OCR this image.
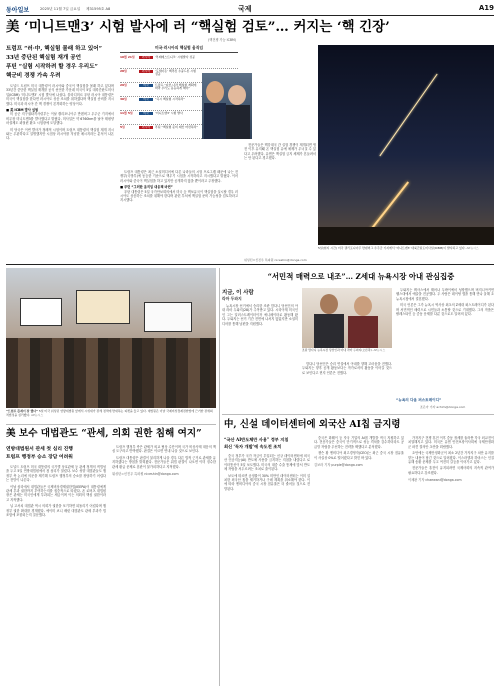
동아일보	2025년 11월 7일 금요일 제31595호 A8	국제	A19
美 ‘미니트맨3’ 시험 발사에 러 “핵실험 검토”… 커지는 ‘핵 긴장’
(핵전쟁 가능 ICBM)
트럼프 “러·中, 핵실험 몰래 하고 있어”
33년 중단된 핵실험 재개 공언
푸틴 “실험 시작하려 할 경우 우리도”
핵군비 경쟁 가속 우려

도널드 트럼프 미국 대통령이 러시아와 중국이 핵실험을 몰래 하고 있다며 33년간 중단한 핵실험 재개를 공식 선언한 가운데 미국이 5일 대륙간탄도미사일(ICBM) ‘미니트맨3’ 시험 발사에 나섰다. 블라디미르 푸틴 러시아 대통령은 미국이 핵실험을 한다면 러시아도 상응 조치를 취하겠다며 핵실험 준비를 지시했다. 미국과 러시아 간 핵 경쟁이 본격화하는 양상이다.

■ 美 ICBM 발사 실험

미 공군 지구권타격사령부는 이날 캘리포니아주 반덴버그 우주군 기지에서 비무장 미니트맨3를 발사했다고 밝혔다. 미사일은 약 6760km를 날아 태평양 마셜제도 콰절린 환초 시험장에 도달했다.

미 당국은 이번 발사가 정례적 시험이며 트럼프 대통령의 핵실험 재개 지시와는 무관하다고 설명했지만 시점상 러시아를 겨냥한 메시지라는 분석이 나온다.

미국·러시아의 핵실험 움직임
10월 21일	러시아	‘부레베스트니크’ 시험발사 성공
28일	러시아	‘포세이돈’ 핵추진 수중드론 시험 성공
29일	미국	트럼프 “다른 나라 핵실험 계획에 따라 우리도 동등하게 해야”
30일	미국	“즉시 핵실험 시작하라”
11월 5일	미국	‘미니트맨3’ 시험 발사
5일	러시아	푸틴 “핵실험 준비 제안 마련하라”

트럼프 대통령은 최근 소셜미디어에 다른 나라들의 시험 프로그램 때문에 나는 전쟁부(국방부)에 동등한 기준으로 핵무기 시험을 시작하라고 지시했다고 밝혔다. 이어 러시아와 중국이 핵실험을 하고 있지만 공개하지 않을 뿐이라고 주장했다.

■ 푸틴 “그러한 움직임 대응책 마련”

푸틴 대통령은 5일 국가안보회의에서 미국 등 핵보유국이 핵실험을 실시할 경우 러시아도 상응하는 조치를 취해야 한다며 관련 부처에 핵실험 준비 가능성을 검토하라고 지시했다.

전문가들은 핵강대국 간 실험 경쟁이 재개되면 냉전 이후 유지돼 온 핵실험 유예 체제가 무너질 수 있다고 우려했다. 유엔은 핵실험 금지 체제가 흔들려서는 안 된다고 경고했다.

5일(현지 시간) 미국 캘리포니아주 반덴버그 우주군 기지에서 ‘미니트맨3’ 대륙간탄도미사일(ICBM)이 발사되고 있다. AP뉴시스
워싱턴=신진우 특파원 niceshin@donga.com
“트럼프 플레이 잘 했다” 5일 미국 워싱턴 연방대법원 앞에서 시위대가 관세 정책에 반대하는 피켓을 들고 있다. 대법원은 이날 국제비상경제권한법에 근거한 관세의 적법성을 심리했다. AP뉴시스
“서민적 매력으로 내조”… Z세대 뉴욕시장 아내 관심집중
지금, 이 사람
라마 두와지

뉴욕시장 선거에서 승리한 조란 맘다니 당선인의 아내 라마 두와지(28)가 주목받고 있다. 시리아계 미국인인 그는 일러스트레이터이자 애니메이터로 활동해 왔다. 두와지는 선거 기간 전면에 나서지 않았지만 소셜미디어를 통해 남편을 지원했다.

조란 맘다니 뉴욕시장 당선인과 아내 라마 두와지(오른쪽). AP뉴시스

두와지는 텍사스에서 태어나 두바이에서 성장했으며 버지니아커먼웰스대에서 예술을 전공했다. 두 사람은 데이팅 앱을 통해 만나 올해 초 뉴욕시청에서 결혼했다.

미국 언론은 그가 뉴욕시 역사상 최초의 Z세대 퍼스트레이디가 된다며 서민적인 매력으로 시민들과 소통할 것으로 기대했다. 그의 작품은 팔레스타인 등 중동 문제를 다룬 것으로도 알려져 있다.

맘다니 당선인은 승리 연설에서 아내를 향해 고마움을 전했다. 두와지는 향후 공개 활동보다는 작가로서의 활동을 이어갈 것으로 보인다고 현지 언론은 전했다.

“뉴욕의 다음 퍼스트레이디”
조은아 기자 achim@donga.com
美 보수 대법관도 “관세, 의회 권한 침해 여지”
연방대법원서 관세 첫 심리 진행
트럼프 행정부 승소 장담 어려워

도널드 트럼프 미국 대통령의 국가별 상호관세 등 관세 정책의 적법성을 두고 5일 연방대법원에서 첫 심리가 열렸다. 보수 성향 대법관들도 행정부 측 논리에 의문을 제기해 트럼프 행정부의 승소를 장담하기 어렵다는 전망이 나온다.

이날 심리에서 대법관들은 국제비상경제권한법(IEEPA)이 대통령에게 관세 부과 권한까지 부여하는지를 집중적으로 따졌다. 존 로버츠 대법원장은 관세는 미국인에게 부과되는 세금이며 이는 의회의 핵심 권한이라고 지적했다.

닐 고서치 대법관 역시 의회가 권한을 포기하면 되돌리기 어렵다며 행정부 권한 확대를 경계했다. 에이미 코니 배럿 대법관도 관세 부과가 법 조항에 포함되는지 질문했다.

트럼프 행정부 측은 관세가 외교 협상 수단이며 국가 비상사태 대응의 핵심 도구라고 반박했다. 판결은 이르면 연내 나올 것으로 보인다.

트럼프 대통령은 판결이 불리하게 나올 경우 다른 법적 근거로 관세를 유지하겠다는 방침을 밝혀왔다. 전문가들은 위법 판결이 나오면 이미 징수한 관세 환급 문제로 혼란이 불가피하다고 지적했다.

워싱턴=신진우 특파원 niceshin@donga.com
中, 신설 데이터센터에 외국산 AI칩 금지령
“국산 AI반도체만 사용” 정부 지침
최신 ‘독자 개발’에 속도전 조치

중국 정부가 국가 자금이 투입되는 신규 데이터센터에 외국산 인공지능(AI) 반도체 사용을 금지하는 지침을 내렸다고 로이터통신이 5일 보도했다. 미국의 대중 수출 통제에 맞서 반도체 자립을 서두르려는 조치로 풀이된다.

보도에 따르면 공정률이 30% 미만인 데이터센터는 이미 설치한 외국산 칩을 제거하거나 구매 계획을 취소해야 한다. 이에 따라 엔비디아의 중국 시장 점유율은 더 줄어들 것으로 전망된다.

중국은 화웨이 등 자국 기업의 AI칩 개발을 적극 지원하고 있다. 전문가들은 중국이 단기적으로 성능 격차를 감수하더라도 공급망 자립을 우선하는 전략을 택했다고 분석했다.

젠슨 황 엔비디아 최고경영자(CEO)는 최근 중국 시장 점유율이 사실상 0%로 떨어졌다고 밝힌 바 있다.

김보라 기자 purple@donga.com

가자지구 전쟁 휴전 이후 중동 정세를 둘러싼 각국 외교전이 치열해지고 있다. 미국은 유엔 안전보장이사회에 국제안정화군 파견 결의안 초안을 회람했다.

초안에는 국제안정화군이 최소 2년간 가자지구 치안 유지를 맡는 내용이 담긴 것으로 알려졌다. 이스라엘과 하마스는 인질 유해 송환 문제를 두고 여전히 갈등을 이어가고 있다.

전문가들은 휴전이 유지되려면 국제사회의 지속적 관여가 필요하다고 강조했다.

이채완 기자 chaewani@donga.com
